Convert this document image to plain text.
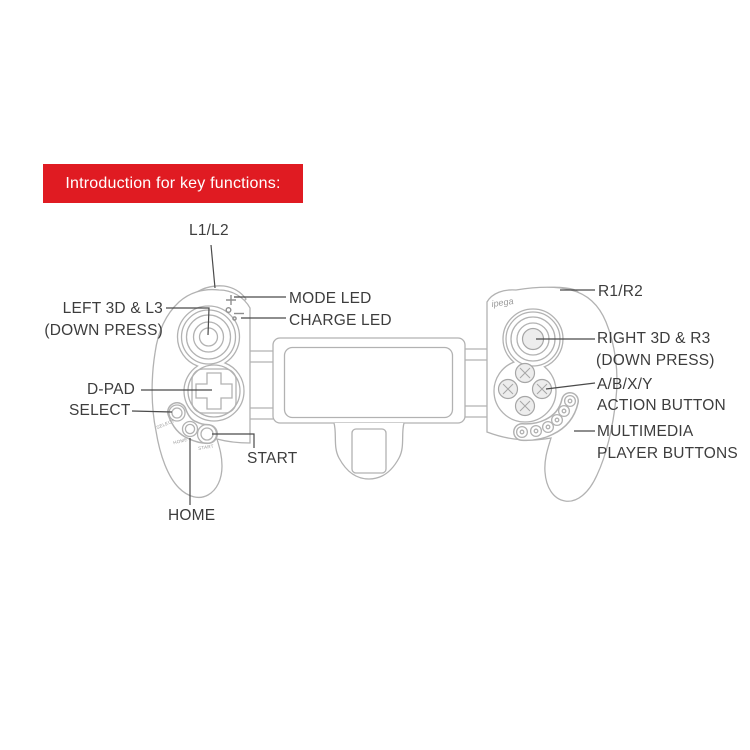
Introduction for key functions:
ipega
SELECT
HOME
START
L1/L2
MODE LED
CHARGE LED
LEFT 3D & L3
(DOWN PRESS)
D-PAD
SELECT
START
HOME
R1/R2
RIGHT 3D & R3
(DOWN PRESS)
A/B/X/Y
ACTION BUTTON
MULTIMEDIA
PLAYER BUTTONS
